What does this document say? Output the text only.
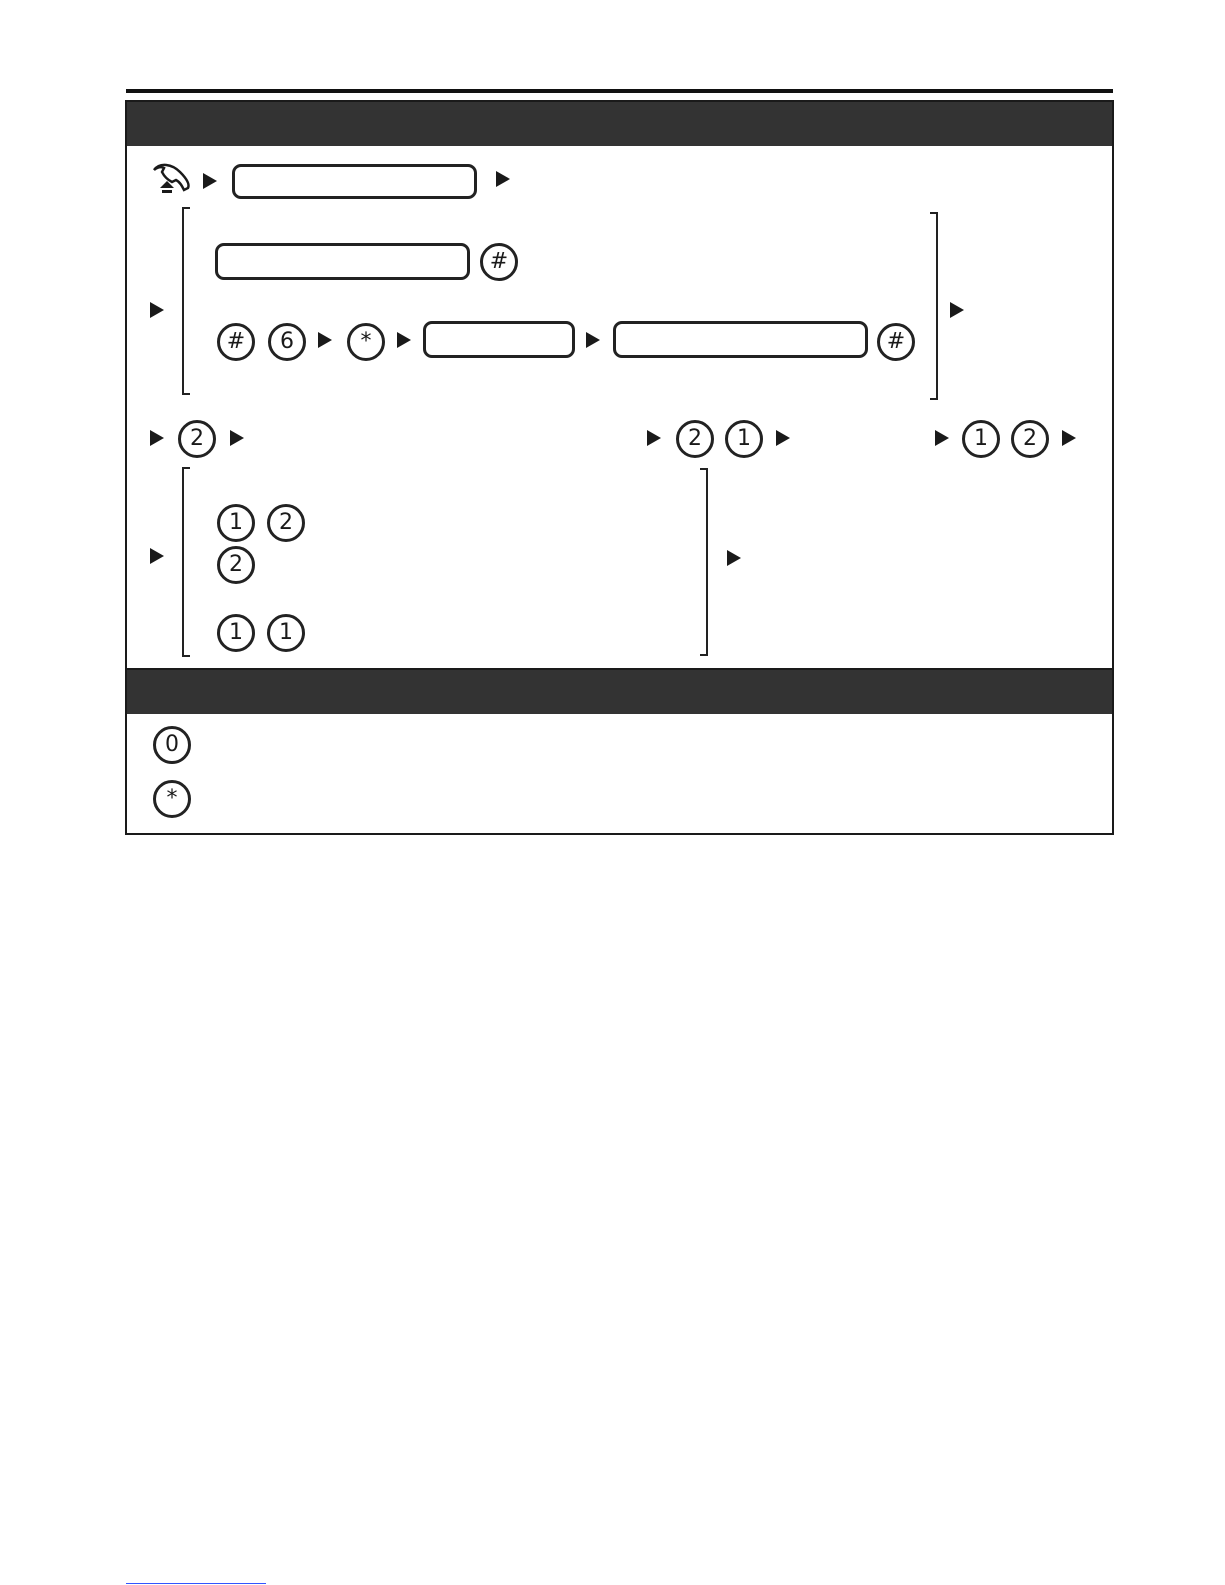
#
#	6	*	#
2	2	1	1	2
1	2
2
1	1
0
*
